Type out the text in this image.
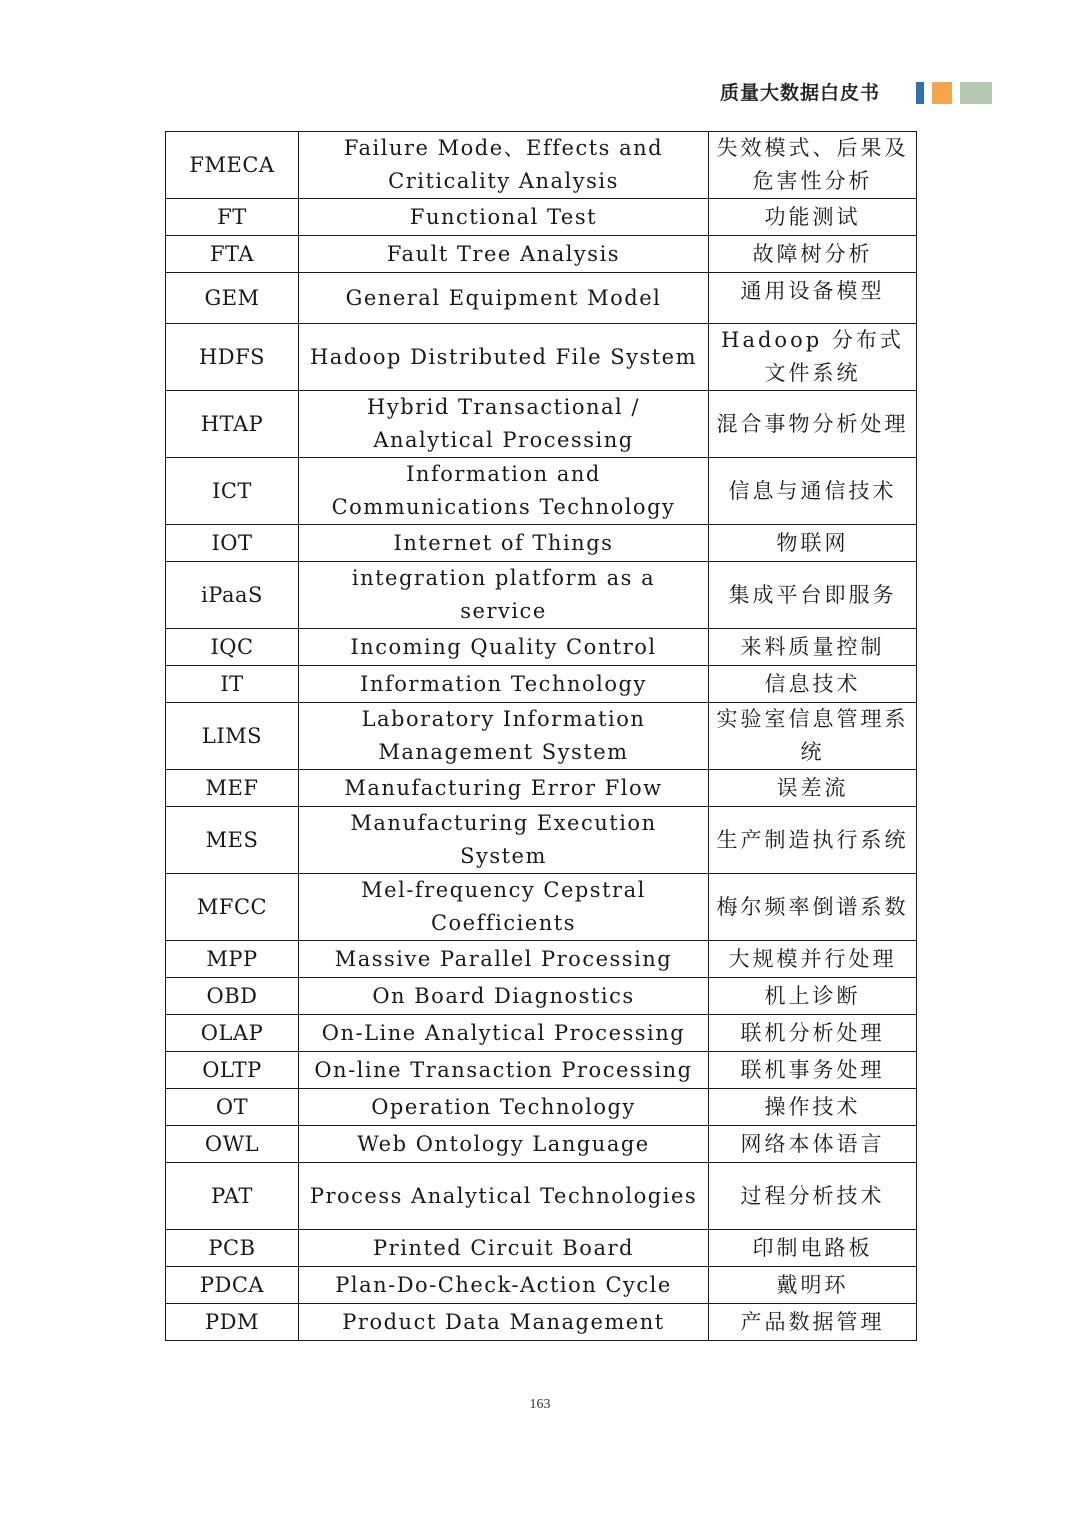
质量大数据白皮书
FMECA	Failure Mode、Effects and Criticality Analysis	失效模式、后果及危害性分析
FT	Functional Test	功能测试
FTA	Fault Tree Analysis	故障树分析
GEM	General Equipment Model	通用设备模型
HDFS	Hadoop Distributed File System	Hadoop 分布式文件系统
HTAP	Hybrid Transactional / Analytical Processing	混合事物分析处理
ICT	Information and Communications Technology	信息与通信技术
IOT	Internet of Things	物联网
iPaaS	integration platform as a service	集成平台即服务
IQC	Incoming Quality Control	来料质量控制
IT	Information Technology	信息技术
LIMS	Laboratory Information Management System	实验室信息管理系统
MEF	Manufacturing Error Flow	误差流
MES	Manufacturing Execution System	生产制造执行系统
MFCC	Mel-frequency Cepstral Coefficients	梅尔频率倒谱系数
MPP	Massive Parallel Processing	大规模并行处理
OBD	On Board Diagnostics	机上诊断
OLAP	On-Line Analytical Processing	联机分析处理
OLTP	On-line Transaction Processing	联机事务处理
OT	Operation Technology	操作技术
OWL	Web Ontology Language	网络本体语言
PAT	Process Analytical Technologies	过程分析技术
PCB	Printed Circuit Board	印制电路板
PDCA	Plan-Do-Check-Action Cycle	戴明环
PDM	Product Data Management	产品数据管理
163
